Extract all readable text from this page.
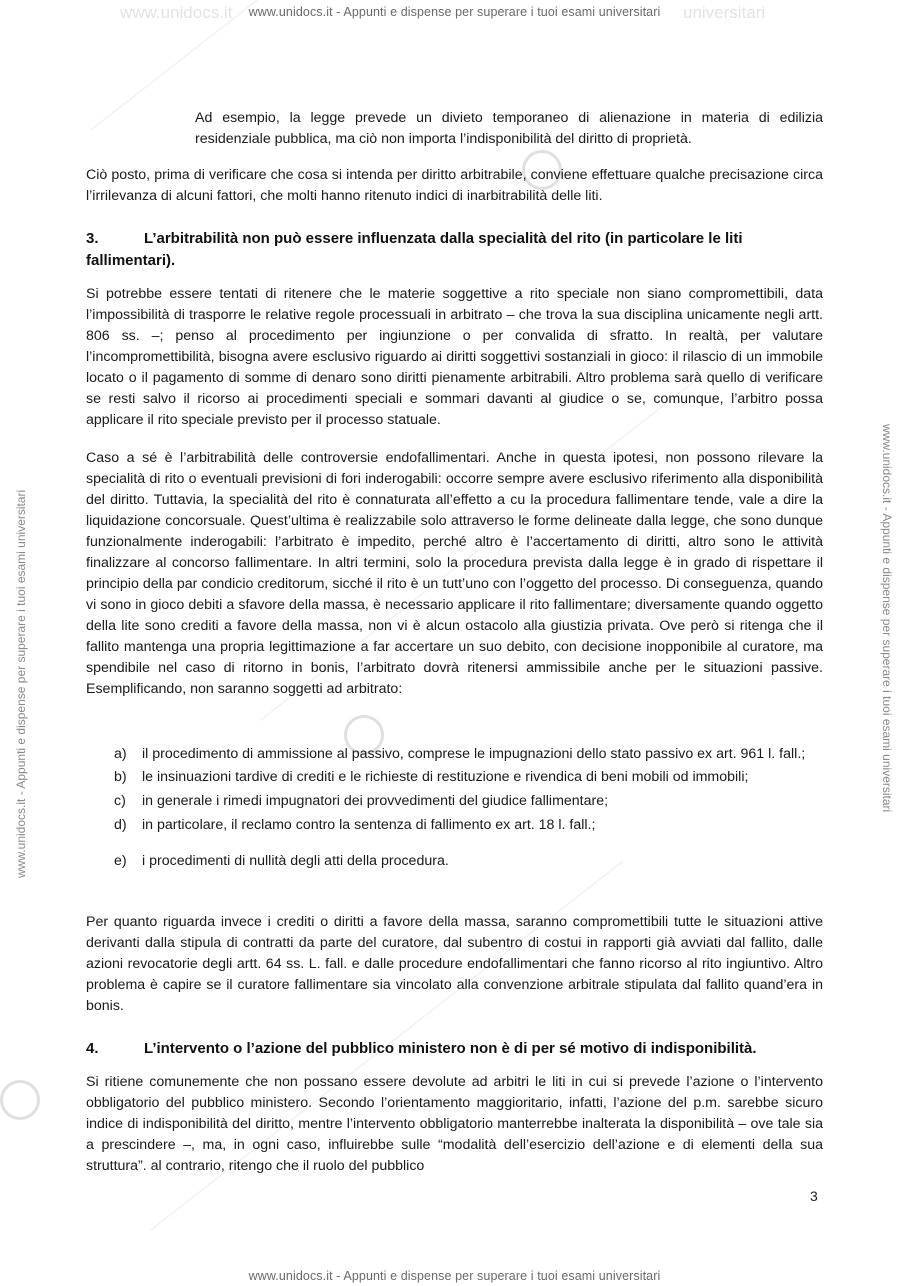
www.unidocs.it	universitari
www.unidocs.it - Appunti e dispense per superare i tuoi esami universitari
www.unidocs.it - Appunti e dispense per superare i tuoi esami universitari	www.unidocs.it - Appunti e dispense per superare i tuoi esami universitari

Ad esempio, la legge prevede un divieto temporaneo di alienazione in materia di edilizia residenziale pubblica, ma ciò non importa l’indisponibilità del diritto di proprietà.

Ciò posto, prima di verificare che cosa si intenda per diritto arbitrabile, conviene effettuare qualche precisazione circa l’irrilevanza di alcuni fattori, che molti hanno ritenuto indici di inarbitrabilità delle liti.

3.	L’arbitrabilità non può essere influenzata dalla specialità del rito (in particolare le liti fallimentari).

Si potrebbe essere tentati di ritenere che le materie soggettive a rito speciale non siano compromettibili, data l’impossibilità di trasporre le relative regole processuali in arbitrato – che trova la sua disciplina unicamente negli artt. 806 ss. –; penso al procedimento per ingiunzione o per convalida di sfratto. In realtà, per valutare l’incompromettibilità, bisogna avere esclusivo riguardo ai diritti soggettivi sostanziali in gioco: il rilascio di un immobile locato o il pagamento di somme di denaro sono diritti pienamente arbitrabili. Altro problema sarà quello di verificare se resti salvo il ricorso ai procedimenti speciali e sommari davanti al giudice o se, comunque, l’arbitro possa applicare il rito speciale previsto per il processo statuale.

Caso a sé è l’arbitrabilità delle controversie endofallimentari. Anche in questa ipotesi, non possono rilevare la specialità di rito o eventuali previsioni di fori inderogabili: occorre sempre avere esclusivo riferimento alla disponibilità del diritto. Tuttavia, la specialità del rito è connaturata all’effetto a cu la procedura fallimentare tende, vale a dire la liquidazione concorsuale. Quest’ultima è realizzabile solo attraverso le forme delineate dalla legge, che sono dunque funzionalmente inderogabili: l’arbitrato è impedito, perché altro è l’accertamento di diritti, altro sono le attività finalizzare al concorso fallimentare. In altri termini, solo la procedura prevista dalla legge è in grado di rispettare il principio della par condicio creditorum, sicché il rito è un tutt’uno con l’oggetto del processo. Di conseguenza, quando vi sono in gioco debiti a sfavore della massa, è necessario applicare il rito fallimentare; diversamente quando oggetto della lite sono crediti a favore della massa, non vi è alcun ostacolo alla giustizia privata. Ove però si ritenga che il fallito mantenga una propria legittimazione a far accertare un suo debito, con decisione inopponibile al curatore, ma spendibile nel caso di ritorno in bonis, l’arbitrato dovrà ritenersi ammissibile anche per le situazioni passive. Esemplificando, non saranno soggetti ad arbitrato:

a)	il procedimento di ammissione al passivo, comprese le impugnazioni dello stato passivo ex art. 961 l. fall.;
b)	le insinuazioni tardive di crediti e le richieste di restituzione e rivendica di beni mobili od immobili;
c)	in generale i rimedi impugnatori dei provvedimenti del giudice fallimentare;
d)	in particolare, il reclamo contro la sentenza di fallimento ex art. 18 l. fall.;
e)	i procedimenti di nullità degli atti della procedura.

Per quanto riguarda invece i crediti o diritti a favore della massa, saranno compromettibili tutte le situazioni attive derivanti dalla stipula di contratti da parte del curatore, dal subentro di costui in rapporti già avviati dal fallito, dalle azioni revocatorie degli artt. 64 ss. L. fall. e dalle procedure endofallimentari che fanno ricorso al rito ingiuntivo. Altro problema è capire se il curatore fallimentare sia vincolato alla convenzione arbitrale stipulata dal fallito quand’era in bonis.

4.	L’intervento o l’azione del pubblico ministero non è di per sé motivo di indisponibilità.

Si ritiene comunemente che non possano essere devolute ad arbitri le liti in cui si prevede l’azione o l’intervento obbligatorio del pubblico ministero. Secondo l’orientamento maggioritario, infatti, l’azione del p.m. sarebbe sicuro indice di indisponibilità del diritto, mentre l’intervento obbligatorio manterrebbe inalterata la disponibilità – ove tale sia a prescindere –, ma, in ogni caso, influirebbe sulle “modalità dell’esercizio dell’azione e di elementi della sua struttura”. al contrario, ritengo che il ruolo del pubblico

3
www.unidocs.it - Appunti e dispense per superare i tuoi esami universitari
